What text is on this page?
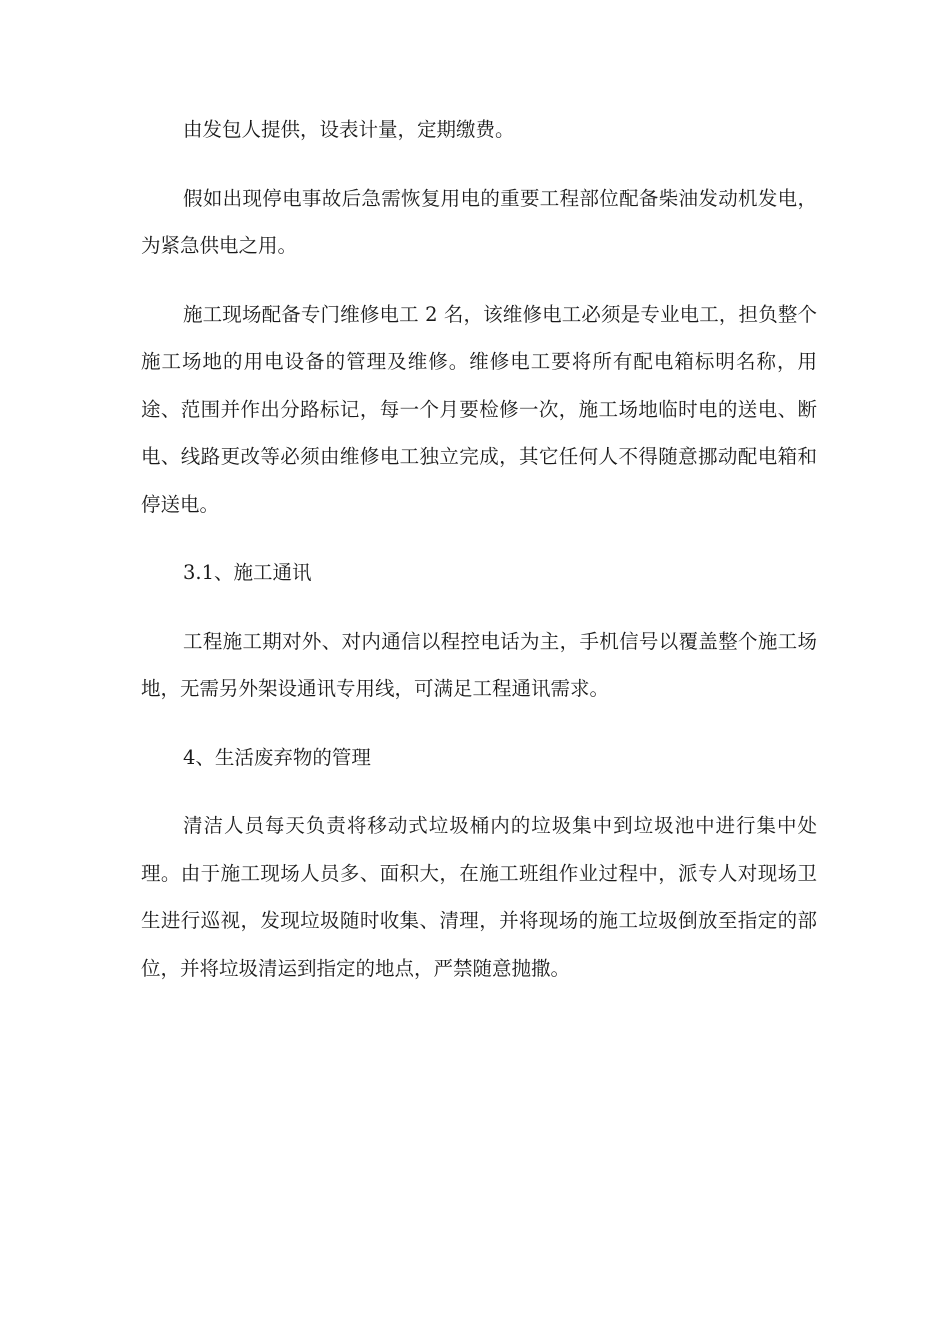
由发包人提供，设表计量，定期缴费。

假如出现停电事故后急需恢复用电的重要工程部位配备柴油发动机发电，为紧急供电之用。

施工现场配备专门维修电工 2 名，该维修电工必须是专业电工，担负整个施工场地的用电设备的管理及维修。维修电工要将所有配电箱标明名称，用途、范围并作出分路标记，每一个月要检修一次，施工场地临时电的送电、断电、线路更改等必须由维修电工独立完成，其它任何人不得随意挪动配电箱和停送电。

3.1、施工通讯

工程施工期对外、对内通信以程控电话为主，手机信号以覆盖整个施工场地，无需另外架设通讯专用线，可满足工程通讯需求。

4、生活废弃物的管理

清洁人员每天负责将移动式垃圾桶内的垃圾集中到垃圾池中进行集中处理。由于施工现场人员多、面积大，在施工班组作业过程中，派专人对现场卫生进行巡视，发现垃圾随时收集、清理，并将现场的施工垃圾倒放至指定的部位，并将垃圾清运到指定的地点，严禁随意抛撒。
